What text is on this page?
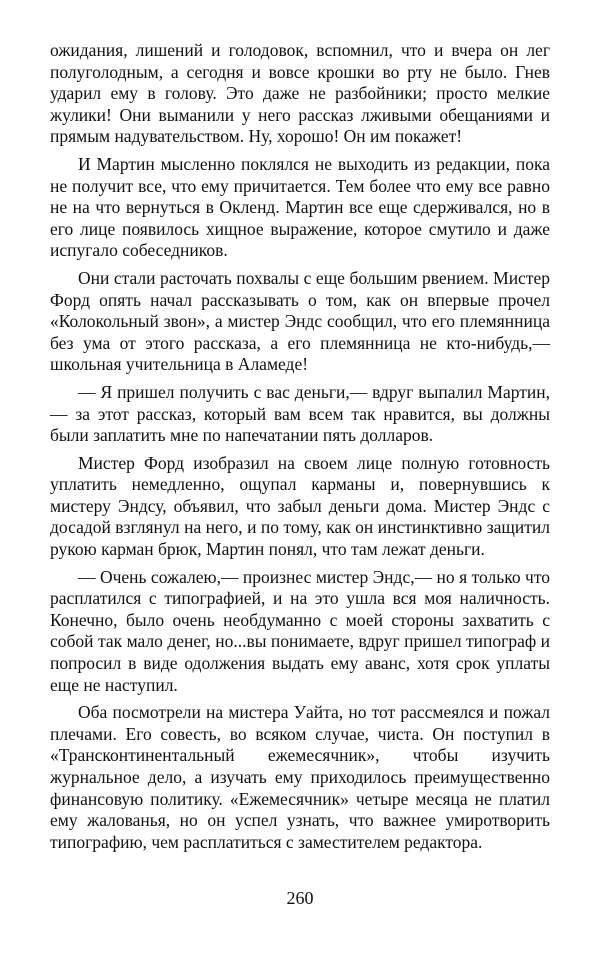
ожидания, лишений и голодовок, вспомнил, что и вчера он лег полуголодным, а сегодня и вовсе крошки во рту не было. Гнев ударил ему в голову. Это даже не разбойники; просто мелкие жулики! Они выманили у него рассказ лживыми обещаниями и прямым надувательством. Ну, хорошо! Он им покажет!

И Мартин мысленно поклялся не выходить из редакции, пока не получит все, что ему причитается. Тем более что ему все равно не на что вернуться в Окленд. Мартин все еще сдерживался, но в его лице появилось хищное выражение, которое смутило и даже испугало собеседников.

Они стали расточать похвалы с еще большим рвением. Мистер Форд опять начал рассказывать о том, как он впервые прочел «Колокольный звон», а мистер Эндс сообщил, что его племянница без ума от этого рассказа, а его племянница не кто-нибудь,— школьная учительница в Аламеде!

— Я пришел получить с вас деньги,— вдруг выпалил Мартин,— за этот рассказ, который вам всем так нравится, вы должны были заплатить мне по напечатании пять долларов.

Мистер Форд изобразил на своем лице полную готовность уплатить немедленно, ощупал карманы и, повернувшись к мистеру Эндсу, объявил, что забыл деньги дома. Мистер Эндс с досадой взглянул на него, и по тому, как он инстинктивно защитил рукою карман брюк, Мартин понял, что там лежат деньги.

— Очень сожалею,— произнес мистер Эндс,— но я только что расплатился с типографией, и на это ушла вся моя наличность. Конечно, было очень необдуманно с моей стороны захватить с собой так мало денег, но...вы понимаете, вдруг пришел типограф и попросил в виде одолжения выдать ему аванс, хотя срок уплаты еще не наступил.

Оба посмотрели на мистера Уайта, но тот рассмеялся и пожал плечами. Его совесть, во всяком случае, чиста. Он поступил в «Трансконтинентальный ежемесячник», чтобы изучить журнальное дело, а изучать ему приходилось преимущественно финансовую политику. «Ежемесячник» четыре месяца не платил ему жалованья, но он успел узнать, что важнее умиротворить типографию, чем расплатиться с заместителем редактора.

260
